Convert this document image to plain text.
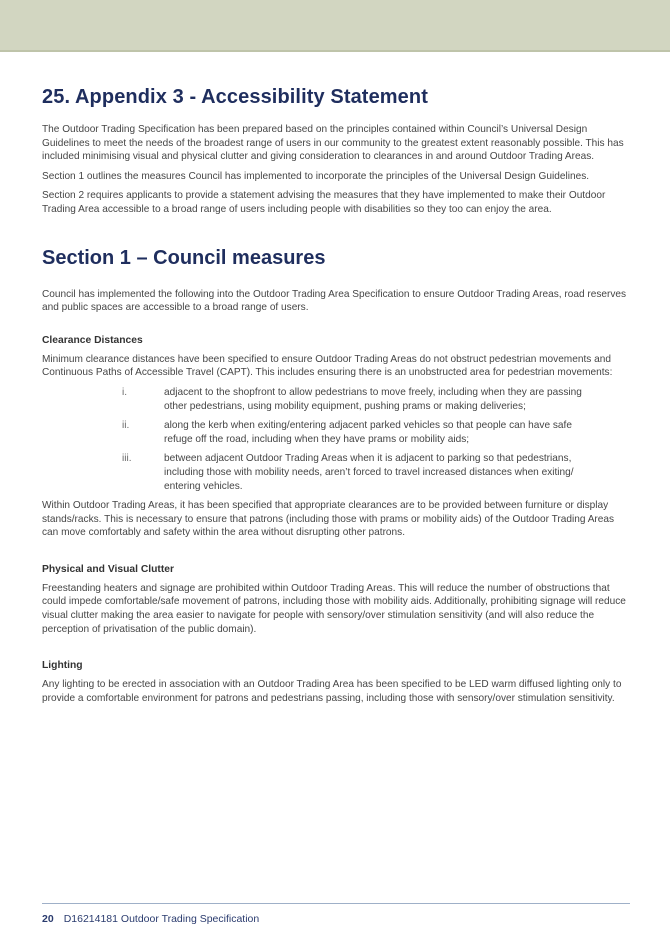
25. Appendix 3 - Accessibility Statement

The Outdoor Trading Specification has been prepared based on the principles contained within Council’s Universal Design Guidelines to meet the needs of the broadest range of users in our community to the greatest extent reasonably possible. This has included minimising visual and physical clutter and giving consideration to clearances in and around Outdoor Trading Areas.

Section 1 outlines the measures Council has implemented to incorporate the principles of the Universal Design Guidelines.

Section 2 requires applicants to provide a statement advising the measures that they have implemented to make their Outdoor Trading Area accessible to a broad range of users including people with disabilities so they too can enjoy the area.

Section 1 – Council measures

Council has implemented the following into the Outdoor Trading Area Specification to ensure Outdoor Trading Areas, road reserves and public spaces are accessible to a broad range of users.

Clearance Distances

Minimum clearance distances have been specified to ensure Outdoor Trading Areas do not obstruct pedestrian movements and Continuous Paths of Accessible Travel (CAPT). This includes ensuring there is an unobstructed area for pedestrian movements:

i.	adjacent to the shopfront to allow pedestrians to move freely, including when they are passing other pedestrians, using mobility equipment, pushing prams or making deliveries;
ii.	along the kerb when exiting/entering adjacent parked vehicles so that people can have safe refuge off the road, including when they have prams or mobility aids;
iii.	between adjacent Outdoor Trading Areas when it is adjacent to parking so that pedestrians, including those with mobility needs, aren’t forced to travel increased distances when exiting/ entering vehicles.

Within Outdoor Trading Areas, it has been specified that appropriate clearances are to be provided between furniture or display stands/racks. This is necessary to ensure that patrons (including those with prams or mobility aids) of the Outdoor Trading Areas can move comfortably and safety within the area without disrupting other patrons.

Physical and Visual Clutter

Freestanding heaters and signage are prohibited within Outdoor Trading Areas. This will reduce the number of obstructions that could impede comfortable/safe movement of patrons, including those with mobility aids. Additionally, prohibiting signage will reduce visual clutter making the area easier to navigate for people with sensory/over stimulation sensitivity (and will also reduce the perception of privatisation of the public domain).

Lighting

Any lighting to be erected in association with an Outdoor Trading Area has been specified to be LED warm diffused lighting only to provide a comfortable environment for patrons and pedestrians passing, including those with sensory/over stimulation sensitivity.

20 D16214181 Outdoor Trading Specification
